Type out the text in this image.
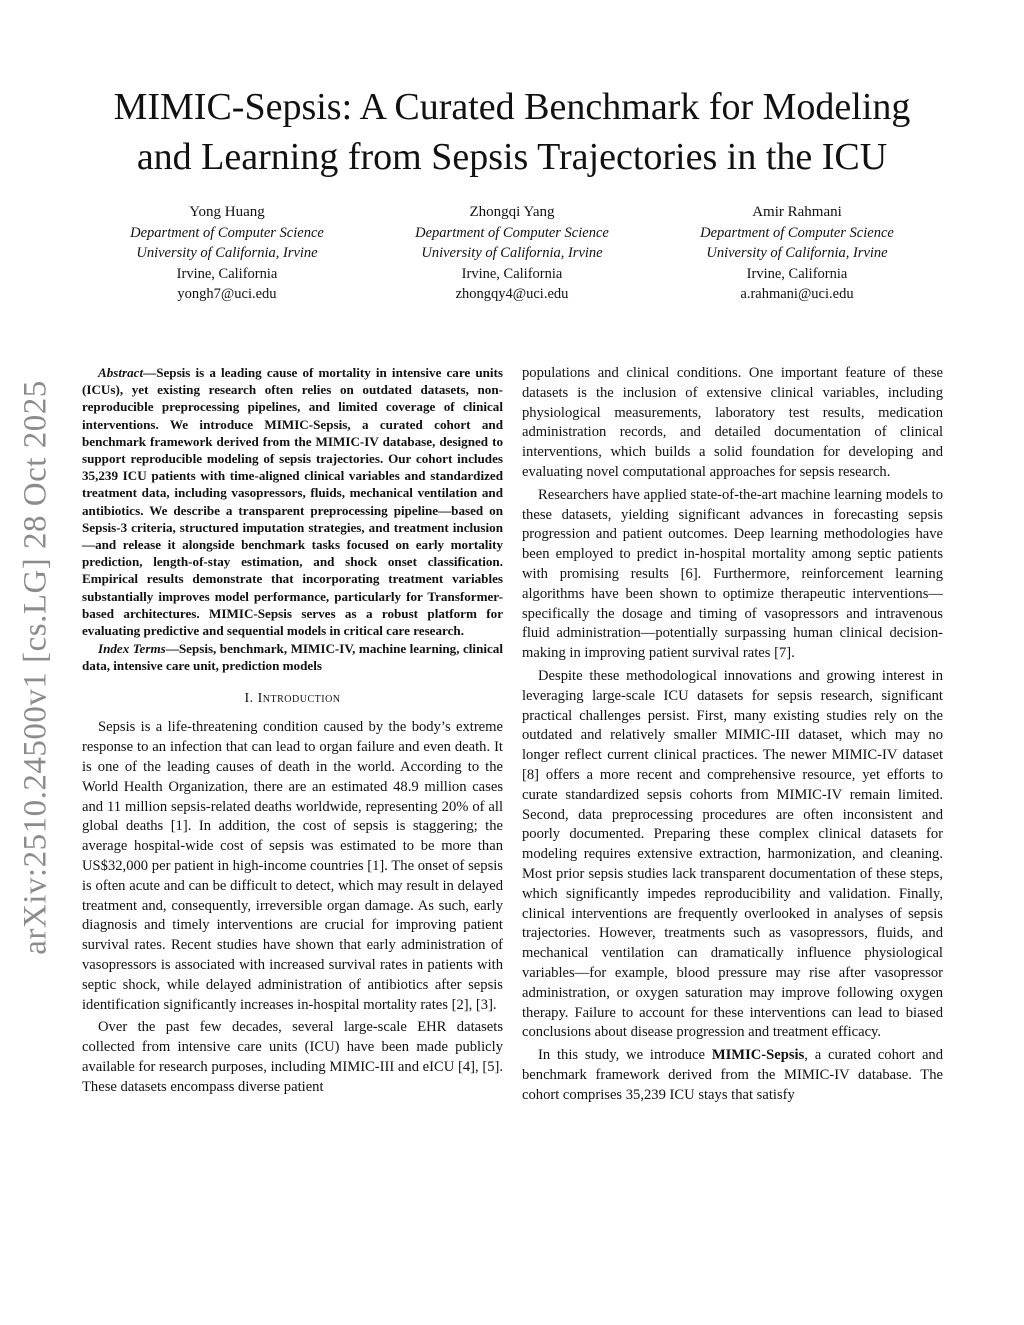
arXiv:2510.24500v1 [cs.LG] 28 Oct 2025
MIMIC-Sepsis: A Curated Benchmark for Modeling
and Learning from Sepsis Trajectories in the ICU
Yong Huang
Department of Computer Science
University of California, Irvine
Irvine, California
yongh7@uci.edu
Zhongqi Yang
Department of Computer Science
University of California, Irvine
Irvine, California
zhongqy4@uci.edu
Amir Rahmani
Department of Computer Science
University of California, Irvine
Irvine, California
a.rahmani@uci.edu

Abstract—Sepsis is a leading cause of mortality in intensive care units (ICUs), yet existing research often relies on outdated datasets, non-reproducible preprocessing pipelines, and limited coverage of clinical interventions. We introduce MIMIC-Sepsis, a curated cohort and benchmark framework derived from the MIMIC-IV database, designed to support reproducible modeling of sepsis trajectories. Our cohort includes 35,239 ICU patients with time-aligned clinical variables and standardized treatment data, including vasopressors, fluids, mechanical ventilation and antibiotics. We describe a transparent preprocessing pipeline—based on Sepsis-3 criteria, structured imputation strategies, and treatment inclusion—and release it alongside benchmark tasks focused on early mortality prediction, length-of-stay estimation, and shock onset classification. Empirical results demonstrate that incorporating treatment variables substantially improves model performance, particularly for Transformer-based architectures. MIMIC-Sepsis serves as a robust platform for evaluating predictive and sequential models in critical care research.

Index Terms—Sepsis, benchmark, MIMIC-IV, machine learning, clinical data, intensive care unit, prediction models

I. Introduction

Sepsis is a life-threatening condition caused by the body’s extreme response to an infection that can lead to organ failure and even death. It is one of the leading causes of death in the world. According to the World Health Organization, there are an estimated 48.9 million cases and 11 million sepsis-related deaths worldwide, representing 20% of all global deaths [1]. In addition, the cost of sepsis is staggering; the average hospital-wide cost of sepsis was estimated to be more than US$32,000 per patient in high-income countries [1]. The onset of sepsis is often acute and can be difficult to detect, which may result in delayed treatment and, consequently, irreversible organ damage. As such, early diagnosis and timely interventions are crucial for improving patient survival rates. Recent studies have shown that early administration of vasopressors is associated with increased survival rates in patients with septic shock, while delayed administration of antibiotics after sepsis identification significantly increases in-hospital mortality rates [2], [3].

Over the past few decades, several large-scale EHR datasets collected from intensive care units (ICU) have been made publicly available for research purposes, including MIMIC-III and eICU [4], [5]. These datasets encompass diverse patient

populations and clinical conditions. One important feature of these datasets is the inclusion of extensive clinical variables, including physiological measurements, laboratory test results, medication administration records, and detailed documentation of clinical interventions, which builds a solid foundation for developing and evaluating novel computational approaches for sepsis research.

Researchers have applied state-of-the-art machine learning models to these datasets, yielding significant advances in forecasting sepsis progression and patient outcomes. Deep learning methodologies have been employed to predict in-hospital mortality among septic patients with promising results [6]. Furthermore, reinforcement learning algorithms have been shown to optimize therapeutic interventions—specifically the dosage and timing of vasopressors and intravenous fluid administration—potentially surpassing human clinical decision-making in improving patient survival rates [7].

Despite these methodological innovations and growing interest in leveraging large-scale ICU datasets for sepsis research, significant practical challenges persist. First, many existing studies rely on the outdated and relatively smaller MIMIC-III dataset, which may no longer reflect current clinical practices. The newer MIMIC-IV dataset [8] offers a more recent and comprehensive resource, yet efforts to curate standardized sepsis cohorts from MIMIC-IV remain limited. Second, data preprocessing procedures are often inconsistent and poorly documented. Preparing these complex clinical datasets for modeling requires extensive extraction, harmonization, and cleaning. Most prior sepsis studies lack transparent documentation of these steps, which significantly impedes reproducibility and validation. Finally, clinical interventions are frequently overlooked in analyses of sepsis trajectories. However, treatments such as vasopressors, fluids, and mechanical ventilation can dramatically influence physiological variables—for example, blood pressure may rise after vasopressor administration, or oxygen saturation may improve following oxygen therapy. Failure to account for these interventions can lead to biased conclusions about disease progression and treatment efficacy.

In this study, we introduce MIMIC-Sepsis, a curated cohort and benchmark framework derived from the MIMIC-IV database. The cohort comprises 35,239 ICU stays that satisfy
